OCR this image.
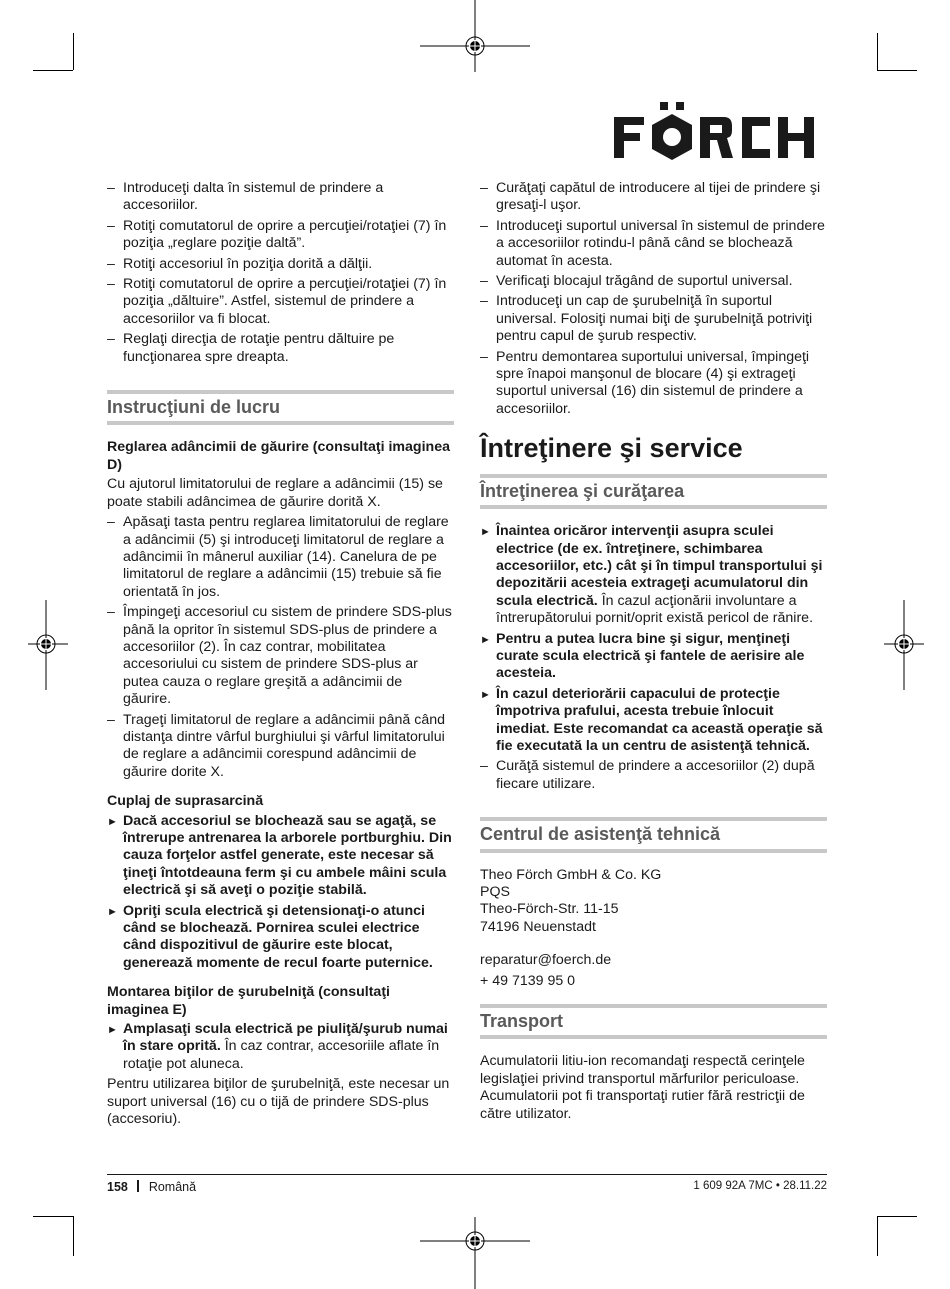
– Introduceţi dalta în sistemul de prindere a accesoriilor.
– Rotiţi comutatorul de oprire a percuţiei/rotaţiei (7) în poziţia „reglare poziţie daltă”.
– Rotiţi accesoriul în poziţia dorită a dălţii.
– Rotiţi comutatorul de oprire a percuţiei/rotaţiei (7) în poziţia „dăltuire”. Astfel, sistemul de prindere a accesoriilor va fi blocat.
– Reglaţi direcţia de rotaţie pentru dăltuire pe funcţionarea spre dreapta.
Instrucţiuni de lucru
Reglarea adâncimii de găurire (consultaţi imaginea D)
Cu ajutorul limitatorului de reglare a adâncimii (15) se poate stabili adâncimea de găurire dorită X.
– Apăsaţi tasta pentru reglarea limitatorului de reglare a adâncimii (5) şi introduceţi limitatorul de reglare a adâncimii în mânerul auxiliar (14). Canelura de pe limitatorul de reglare a adâncimii (15) trebuie să fie orientată în jos.
– Împingeţi accesoriul cu sistem de prindere SDS-plus până la opritor în sistemul SDS-plus de prindere a accesoriilor (2). În caz contrar, mobilitatea accesoriului cu sistem de prindere SDS-plus ar putea cauza o reglare greşită a adâncimii de găurire.
– Trageţi limitatorul de reglare a adâncimii până când distanţa dintre vârful burghiului şi vârful limitatorului de reglare a adâncimii corespund adâncimii de găurire dorite X.
Cuplaj de suprasarcină
► Dacă accesoriul se blochează sau se agaţă, se întrerupe antrenarea la arborele portburghiu. Din cauza forţelor astfel generate, este necesar să ţineţi întotdeauna ferm şi cu ambele mâini scula electrică şi să aveţi o poziţie stabilă.
► Opriţi scula electrică şi detensionaţi-o atunci când se blochează. Pornirea sculei electrice când dispozitivul de găurire este blocat, generează momente de recul foarte puternice.
Montarea biţilor de şurubelniţă (consultaţi imaginea E)
► Amplasaţi scula electrică pe piuliţă/şurub numai în stare oprită. În caz contrar, accesoriile aflate în rotaţie pot aluneca.
Pentru utilizarea biţilor de şurubelniţă, este necesar un suport universal (16) cu o tijă de prindere SDS-plus (accesoriu).
– Curăţaţi capătul de introducere al tijei de prindere şi gresaţi-l uşor.
– Introduceţi suportul universal în sistemul de prindere a accesoriilor rotindu-l până când se blochează automat în acesta.
– Verificaţi blocajul trăgând de suportul universal.
– Introduceţi un cap de şurubelniţă în suportul universal. Folosiţi numai biţi de şurubelniţă potriviţi pentru capul de şurub respectiv.
– Pentru demontarea suportului universal, împingeţi spre înapoi manşonul de blocare (4) şi extrageţi suportul universal (16) din sistemul de prindere a accesoriilor.
Întreţinere şi service
Întreţinerea şi curăţarea
► Înaintea oricăror intervenţii asupra sculei electrice (de ex. întreţinere, schimbarea accesoriilor, etc.) cât şi în timpul transportului şi depozitării acesteia extrageţi acumulatorul din scula electrică. În cazul acţionării involuntare a întrerupătorului pornit/oprit există pericol de rănire.
► Pentru a putea lucra bine şi sigur, menţineţi curate scula electrică şi fantele de aerisire ale acesteia.
► În cazul deteriorării capacului de protecţie împotriva prafului, acesta trebuie înlocuit imediat. Este recomandat ca această operaţie să fie executată la un centru de asistenţă tehnică.
– Curăţă sistemul de prindere a accesoriilor (2) după fiecare utilizare.
Centrul de asistenţă tehnică
Theo Förch GmbH & Co. KG
PQS
Theo-Förch-Str. 11-15
74196 Neuenstadt
reparatur@foerch.de
+ 49 7139 95 0
Transport
Acumulatorii litiu-ion recomandaţi respectă cerinţele legislaţiei privind transportul mărfurilor periculoase. Acumulatorii pot fi transportaţi rutier fără restricţii de către utilizator.
158 Română	1 609 92A 7MC • 28.11.22
